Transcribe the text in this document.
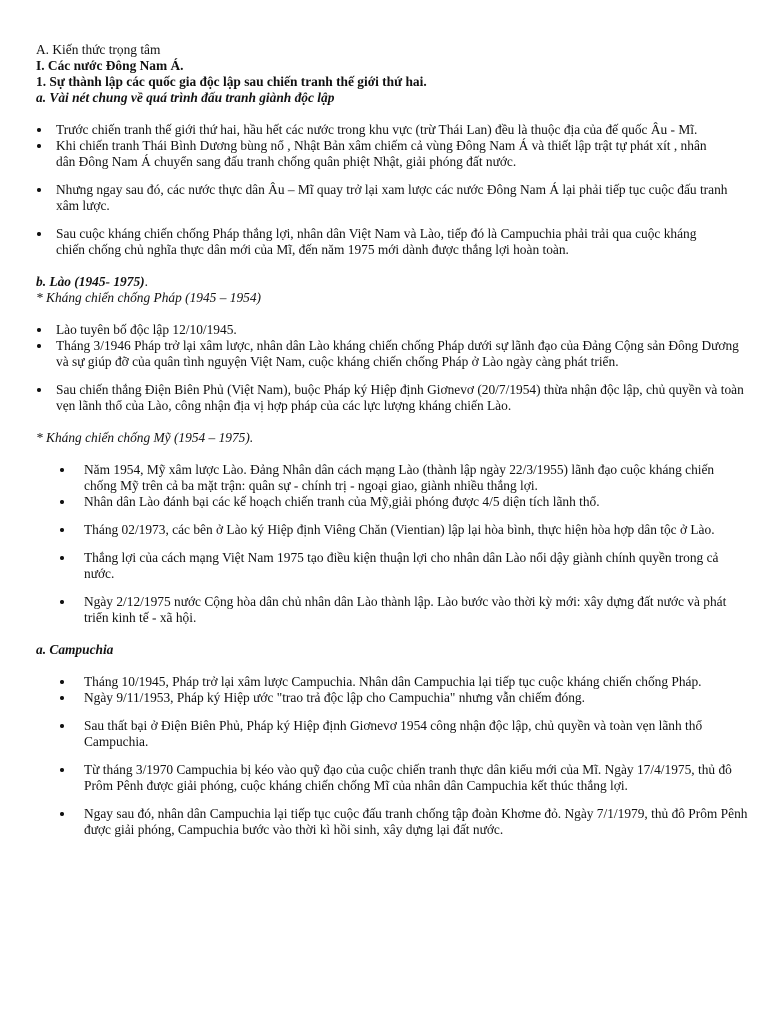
A. Kiến thức trọng tâm

I. Các nước Đông Nam Á.

1. Sự thành lập các quốc gia độc lập sau chiến tranh thế giới thứ hai.

a. Vài nét chung về quá trình đấu tranh giành độc lập

Trước chiến tranh thế giới thứ hai, hầu hết các nước trong khu vực (trừ Thái Lan) đều là thuộc địa của đế quốc Âu - Mĩ.
Khi chiến tranh Thái Bình Dương bùng nổ , Nhật Bản xâm chiếm cả vùng Đông Nam Á và thiết lập trật tự phát xít , nhân dân Đông Nam Á chuyển sang đấu tranh chống quân phiệt Nhật, giải phóng đất nước.
Nhưng ngay sau đó, các nước thực dân Âu – Mĩ quay trở lại xam lược các nước Đông Nam Á lại phải tiếp tục cuộc đấu tranh xâm lược.
Sau cuộc kháng chiến chống Pháp thắng lợi, nhân dân Việt Nam và Lào, tiếp đó là Campuchia phải trải qua cuộc kháng chiến chống chủ nghĩa thực dân mới của Mĩ, đến năm 1975 mới dành được thắng lợi hoàn toàn.

b. Lào (1945- 1975).

* Kháng chiến chống Pháp (1945 – 1954)

Lào tuyên bố độc lập 12/10/1945.
Tháng 3/1946 Pháp trở lại xâm lược, nhân dân Lào kháng chiến chống Pháp dưới sự lãnh đạo của Đảng Cộng sản Đông Dương và sự giúp đỡ của quân tình nguyện Việt Nam, cuộc kháng chiến chống Pháp ở Lào ngày càng phát triển.
Sau chiến thắng Điện Biên Phủ (Việt Nam), buộc Pháp ký Hiệp định Giơnevơ (20/7/1954) thừa nhận độc lập, chủ quyền và toàn vẹn lãnh thổ của Lào, công nhận địa vị hợp pháp của các lực lượng kháng chiến Lào.

* Kháng chiến chống Mỹ (1954 – 1975).

Năm 1954, Mỹ xâm lược Lào. Đảng Nhân dân cách mạng Lào (thành lập ngày 22/3/1955) lãnh đạo cuộc kháng chiến chống Mỹ trên cả ba mặt trận: quân sự - chính trị - ngoại giao, giành nhiều thắng lợi.
Nhân dân Lào đánh bại các kế hoạch chiến tranh của Mỹ,giải phóng được 4/5 diện tích lãnh thổ.
Tháng 02/1973, các bên ở Lào ký Hiệp định Viêng Chăn (Vientian) lập lại hòa bình, thực hiện hòa hợp dân tộc ở Lào.
Thắng lợi của cách mạng Việt Nam 1975 tạo điều kiện thuận lợi cho nhân dân Lào nổi dậy giành chính quyền trong cả nước.
Ngày 2/12/1975 nước Cộng hòa dân chủ nhân dân Lào thành lập. Lào bước vào thời kỳ mới: xây dựng đất nước và phát triển kinh tế - xã hội.

a. Campuchia

Tháng 10/1945, Pháp trở lại xâm lược Campuchia. Nhân dân Campuchia lại tiếp tục cuộc kháng chiến chống Pháp.
Ngày 9/11/1953, Pháp ký Hiệp ước "trao trả độc lập cho Campuchia" nhưng vẫn chiếm đóng.
Sau thất bại ở Điện Biên Phủ, Pháp ký Hiệp định Giơnevơ 1954 công nhận độc lập, chủ quyền và toàn vẹn lãnh thổ Campuchia.
Từ tháng 3/1970 Campuchia bị kéo vào quỹ đạo của cuộc chiến tranh thực dân kiểu mới của Mĩ. Ngày 17/4/1975, thủ đô Prôm Pênh được giải phóng, cuộc kháng chiến chống Mĩ của nhân dân Campuchia kết thúc thắng lợi.
Ngay sau đó, nhân dân Campuchia lại tiếp tục cuộc đấu tranh chống tập đoàn Khơme đỏ. Ngày 7/1/1979, thủ đô Prôm Pênh được giải phóng, Campuchia bước vào thời kì hồi sinh, xây dựng lại đất nước.
